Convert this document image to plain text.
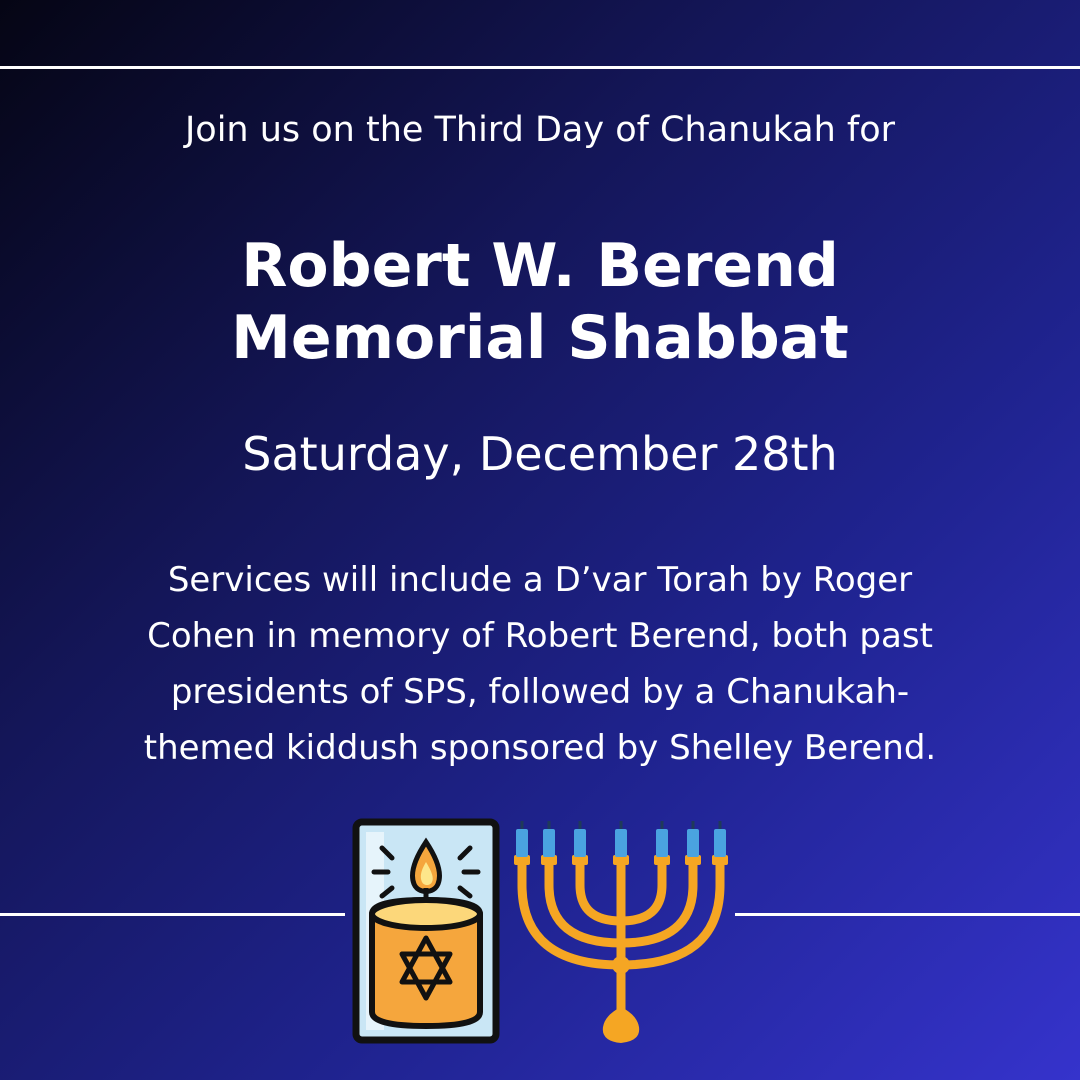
Join us on the Third Day of Chanukah for
Robert W. Berend
Memorial Shabbat
Saturday, December 28th
Services will include a D’var Torah by Roger
Cohen in memory of Robert Berend, both past
presidents of SPS, followed by a Chanukah-
themed kiddush sponsored by Shelley Berend.
